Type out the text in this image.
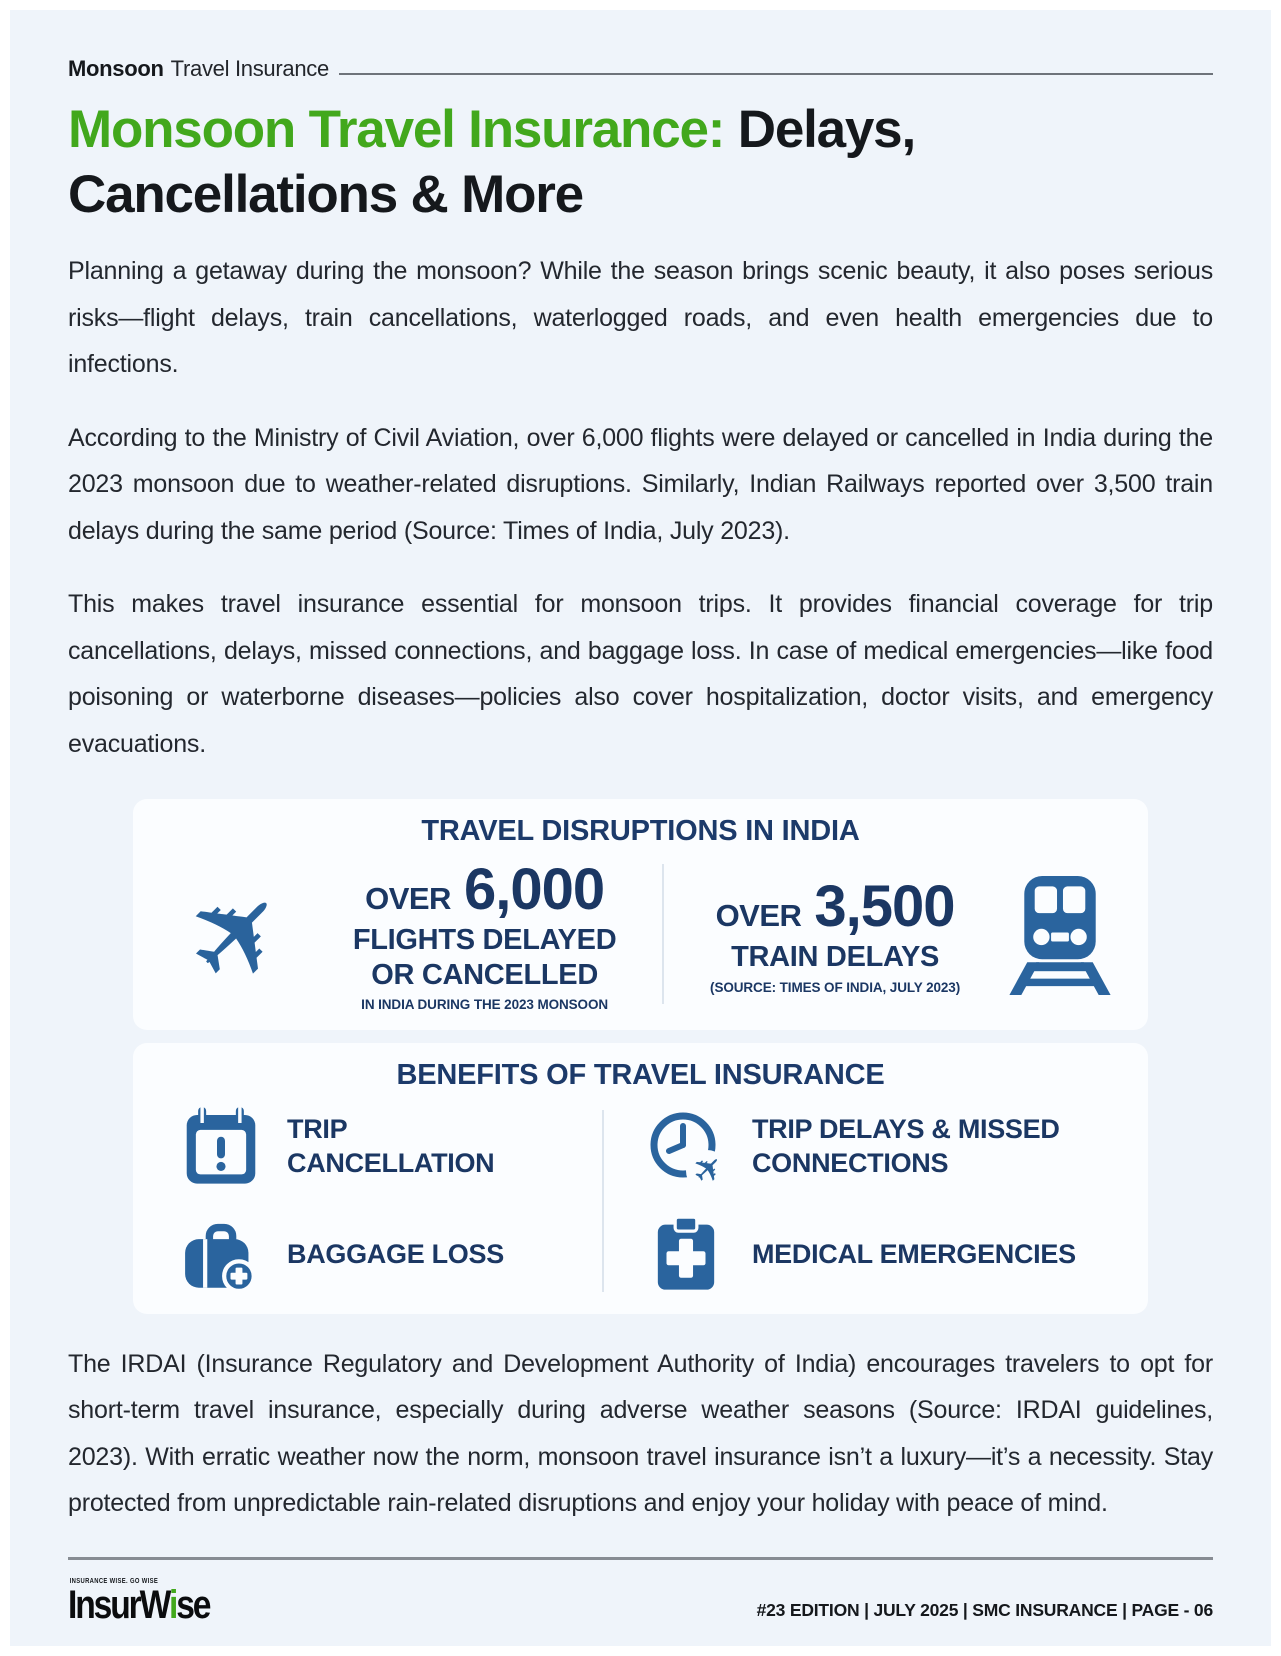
Monsoon Travel Insurance
Monsoon Travel Insurance: Delays, Cancellations & More

Planning a getaway during the monsoon? While the season brings scenic beauty, it also poses serious risks—flight delays, train cancellations, waterlogged roads, and even health emergencies due to infections.

According to the Ministry of Civil Aviation, over 6,000 flights were delayed or cancelled in India during the 2023 monsoon due to weather-related disruptions. Similarly, Indian Railways reported over 3,500 train delays during the same period (Source: Times of India, July 2023).

This makes travel insurance essential for monsoon trips. It provides financial coverage for trip cancellations, delays, missed connections, and baggage loss. In case of medical emergencies—like food poisoning or waterborne diseases—policies also cover hospitalization, doctor visits, and emergency evacuations.

TRAVEL DISRUPTIONS IN INDIA
✈	OVER 6,000
FLIGHTS DELAYED
OR CANCELLED
IN INDIA DURING THE 2023 MONSOON
OVER 3,500
TRAIN DELAYS
(SOURCE: TIMES OF INDIA, JULY 2023)
BENEFITS OF TRAVEL INSURANCE
TRIP CANCELLATION
BAGGAGE LOSS
✈
TRIP DELAYS & MISSED CONNECTIONS
MEDICAL EMERGENCIES

The IRDAI (Insurance Regulatory and Development Authority of India) encourages travelers to opt for short-term travel insurance, especially during adverse weather seasons (Source: IRDAI guidelines, 2023). With erratic weather now the norm, monsoon travel insurance isn’t a luxury—it’s a necessity. Stay protected from unpredictable rain-related disruptions and enjoy your holiday with peace of mind.

INSURANCE WISE. GO WISE
InsurWise	#23 EDITION | JULY 2025 | SMC INSURANCE | PAGE - 06
